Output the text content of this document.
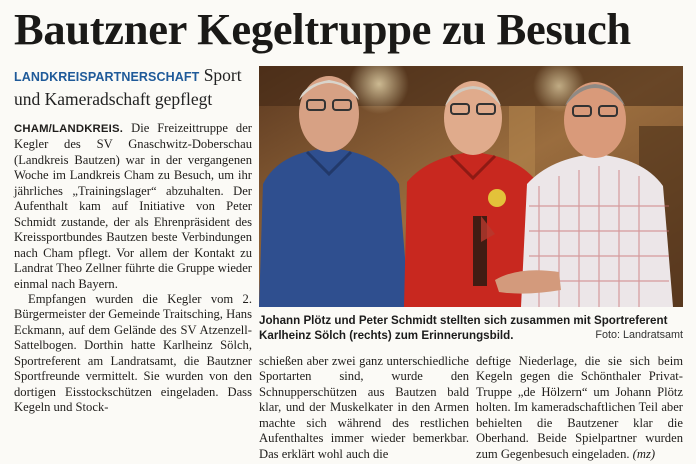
Bautzner Kegeltruppe zu Besuch
LANDKREISPARTNERSCHAFT Sport und Kameradschaft gepflegt

CHAM/LANDKREIS. Die Freizeittruppe der Kegler des SV Gnaschwitz-Doberschau (Landkreis Bautzen) war in der vergangenen Woche im Landkreis Cham zu Besuch, um ihr jährliches „Trainingslager“ abzuhalten. Der Aufenthalt kam auf Initiative von Peter Schmidt zustande, der als Ehrenpräsident des Kreissportbundes Bautzen beste Verbindungen nach Cham pflegt. Vor allem der Kontakt zu Landrat Theo Zellner führte die Gruppe wieder einmal nach Bayern.

Empfangen wurden die Kegler vom 2. Bürgermeister der Gemeinde Traitsching, Hans Eckmann, auf dem Gelände des SV Atzenzell-Sattelbogen. Dorthin hatte Karlheinz Sölch, Sportreferent am Landratsamt, die Bautzner Sportfreunde vermittelt. Sie wurden von den dortigen Eisstockschützen eingeladen. Dass Kegeln und Stock-

Johann Plötz und Peter Schmidt stellten sich zusammen mit Sportreferent Karlheinz Sölch (rechts) zum Erinnerungsbild.	Foto: Landratsamt

schießen aber zwei ganz unterschiedliche Sportarten sind, wurde den Schnupperschützen aus Bautzen bald klar, und der Muskelkater in den Armen machte sich während des restlichen Aufenthaltes immer wieder bemerkbar. Das erklärt wohl auch die

deftige Niederlage, die sie sich beim Kegeln gegen die Schönthaler Privat-Truppe „de Hölzern“ um Johann Plötz holten. Im kameradschaftlichen Teil aber behielten die Bautzener klar die Oberhand. Beide Spielpartner wurden zum Gegenbesuch eingeladen. (mz)
